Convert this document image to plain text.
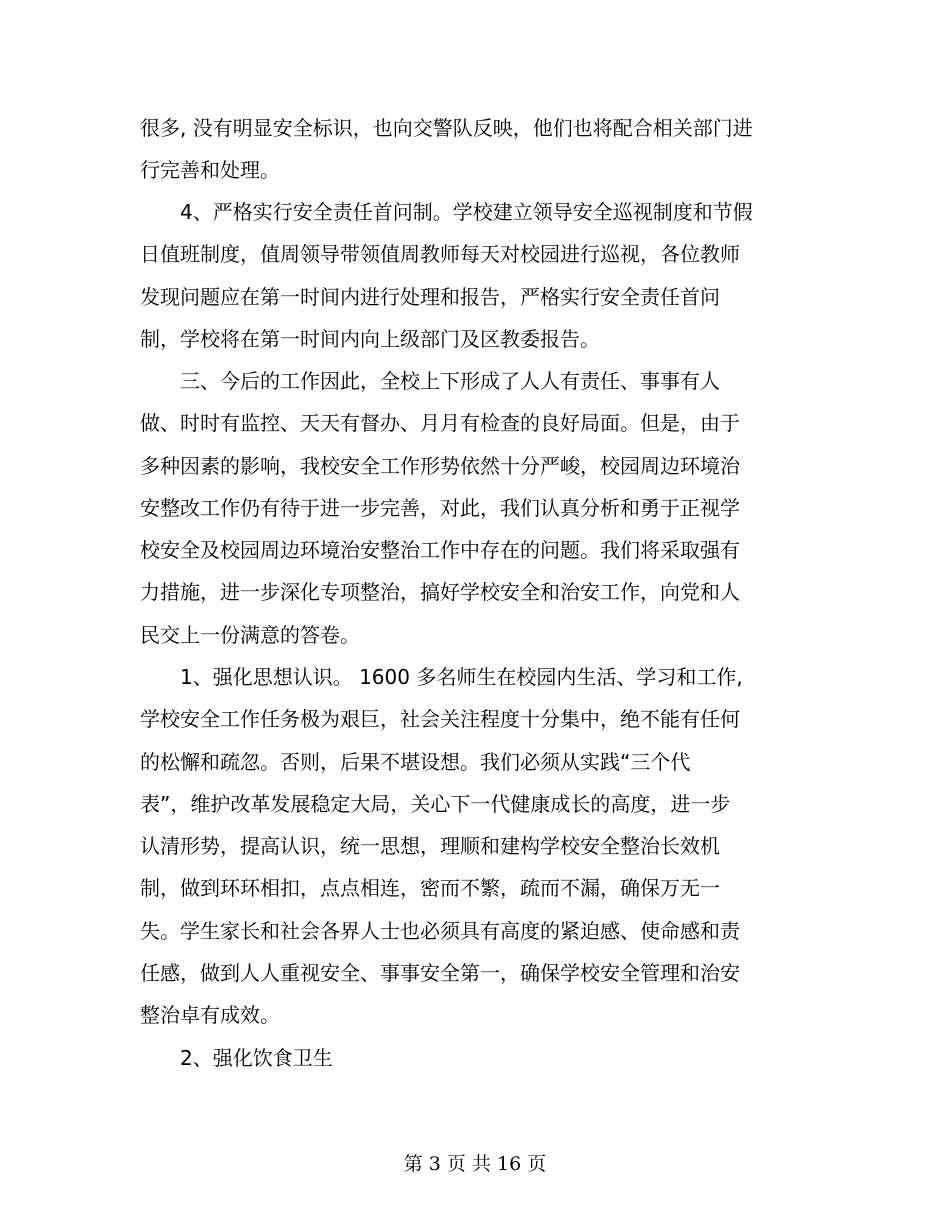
很多, 没有明显安全标识，也向交警队反映，他们也将配合相关部门进
行完善和处理。
　　4、严格实行安全责任首问制。学校建立领导安全巡视制度和节假
日值班制度，值周领导带领值周教师每天对校园进行巡视，各位教师
发现问题应在第一时间内进行处理和报告，严格实行安全责任首问
制，学校将在第一时间内向上级部门及区教委报告。
　　三、今后的工作因此，全校上下形成了人人有责任、事事有人
做、时时有监控、天天有督办、月月有检查的良好局面。但是，由于
多种因素的影响，我校安全工作形势依然十分严峻，校园周边环境治
安整改工作仍有待于进一步完善，对此，我们认真分析和勇于正视学
校安全及校园周边环境治安整治工作中存在的问题。我们将采取强有
力措施，进一步深化专项整治，搞好学校安全和治安工作，向党和人
民交上一份满意的答卷。
　　1、强化思想认识。 1600 多名师生在校园内生活、学习和工作,
学校安全工作任务极为艰巨，社会关注程度十分集中，绝不能有任何
的松懈和疏忽。否则，后果不堪设想。我们必须从实践“三个代
表”，维护改革发展稳定大局，关心下一代健康成长的高度，进一步
认清形势，提高认识，统一思想，理顺和建构学校安全整治长效机
制，做到环环相扣，点点相连，密而不繁，疏而不漏，确保万无一
失。学生家长和社会各界人士也必须具有高度的紧迫感、使命感和责
任感，做到人人重视安全、事事安全第一，确保学校安全管理和治安
整治卓有成效。
　　2、强化饮食卫生
第 3 页 共 16 页
